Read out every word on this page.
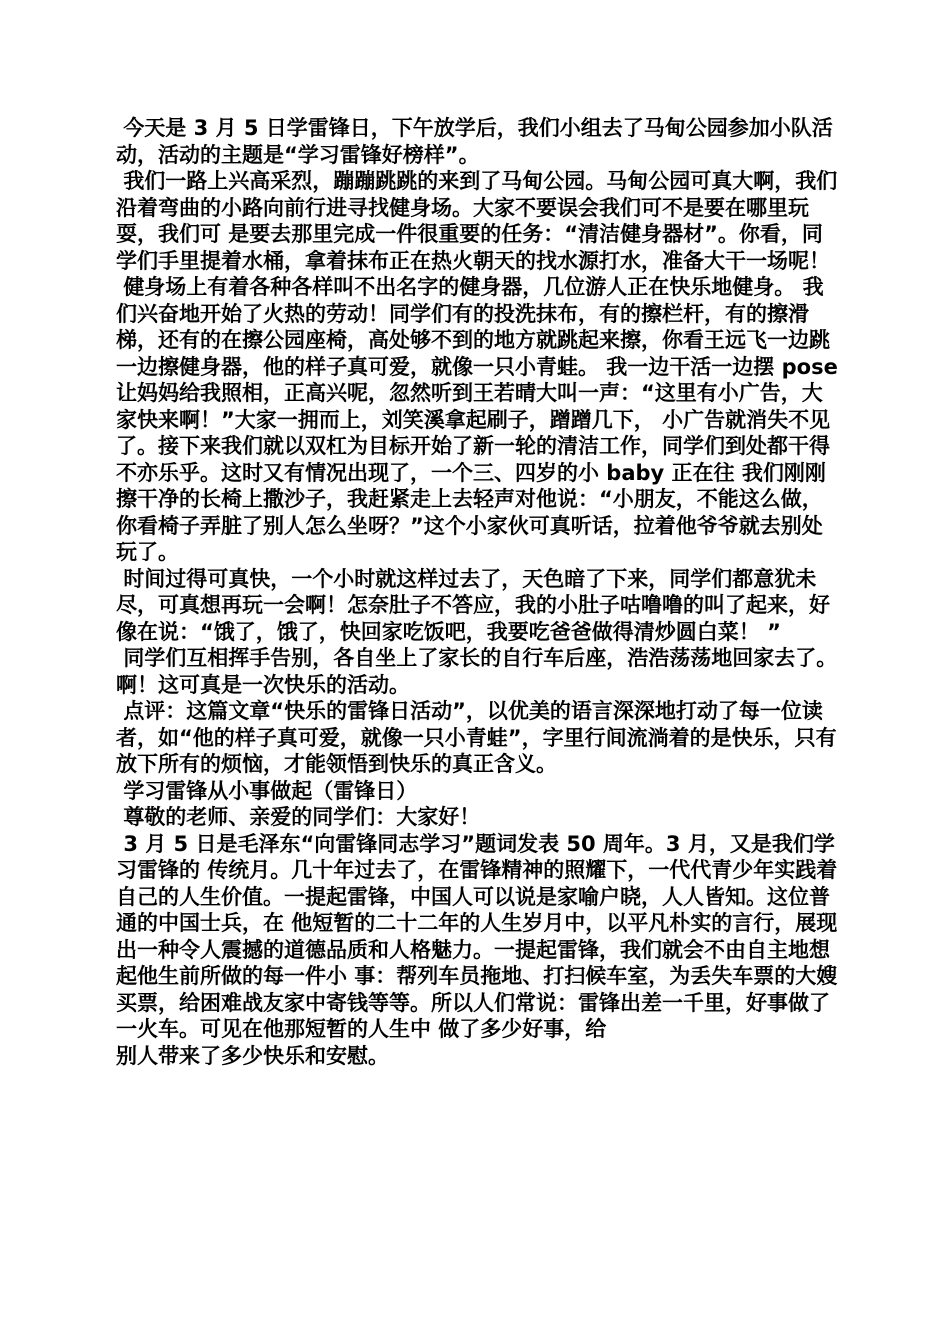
今天是 3 月 5 日学雷锋日，下午放学后，我们小组去了马甸公园参加小队活动，活动的主题是“学习雷锋好榜样”。

我们一路上兴高采烈，蹦蹦跳跳的来到了马甸公园。马甸公园可真大啊，我们沿着弯曲的小路向前行进寻找健身场。大家不要误会我们可不是要在哪里玩耍，我们可 是要去那里完成一件很重要的任务：“清洁健身器材”。你看，同学们手里提着水桶，拿着抹布正在热火朝天的找水源打水，准备大干一场呢！

健身场上有着各种各样叫不出名字的健身器，几位游人正在快乐地健身。 我们兴奋地开始了火热的劳动！同学们有的投洗抹布，有的擦栏杆，有的擦滑梯，还有的在擦公园座椅，高处够不到的地方就跳起来擦，你看王远飞一边跳一边擦健身器，他的样子真可爱，就像一只小青蛙。 我一边干活一边摆 pose 让妈妈给我照相，正高兴呢，忽然听到王若晴大叫一声：“这里有小广告，大家快来啊！”大家一拥而上，刘笑溪拿起刷子，蹭蹭几下， 小广告就消失不见了。接下来我们就以双杠为目标开始了新一轮的清洁工作，同学们到处都干得不亦乐乎。这时又有情况出现了，一个三、四岁的小 baby 正在往 我们刚刚擦干净的长椅上撒沙子，我赶紧走上去轻声对他说：“小朋友，不能这么做，你看椅子弄脏了别人怎么坐呀？”这个小家伙可真听话，拉着他爷爷就去别处 玩了。

时间过得可真快，一个小时就这样过去了，天色暗了下来，同学们都意犹未尽，可真想再玩一会啊！怎奈肚子不答应，我的小肚子咕噜噜的叫了起来，好像在说：“饿了，饿了，快回家吃饭吧，我要吃爸爸做得清炒圆白菜！ ”

同学们互相挥手告别，各自坐上了家长的自行车后座，浩浩荡荡地回家去了。啊！这可真是一次快乐的活动。

点评：这篇文章“快乐的雷锋日活动”，以优美的语言深深地打动了每一位读者，如“他的样子真可爱，就像一只小青蛙”，字里行间流淌着的是快乐，只有放下所有的烦恼，才能领悟到快乐的真正含义。

学习雷锋从小事做起（雷锋日）

尊敬的老师、亲爱的同学们：大家好！

3 月 5 日是毛泽东“向雷锋同志学习”题词发表 50 周年。3 月，又是我们学习雷锋的 传统月。几十年过去了，在雷锋精神的照耀下，一代代青少年实践着自己的人生价值。一提起雷锋，中国人可以说是家喻户晓，人人皆知。这位普通的中国士兵，在 他短暂的二十二年的人生岁月中，以平凡朴实的言行，展现出一种令人震撼的道德品质和人格魅力。一提起雷锋，我们就会不由自主地想起他生前所做的每一件小 事：帮列车员拖地、打扫候车室，为丢失车票的大嫂买票，给困难战友家中寄钱等等。所以人们常说：雷锋出差一千里，好事做了一火车。可见在他那短暂的人生中 做了多少好事，给

别人带来了多少快乐和安慰。
